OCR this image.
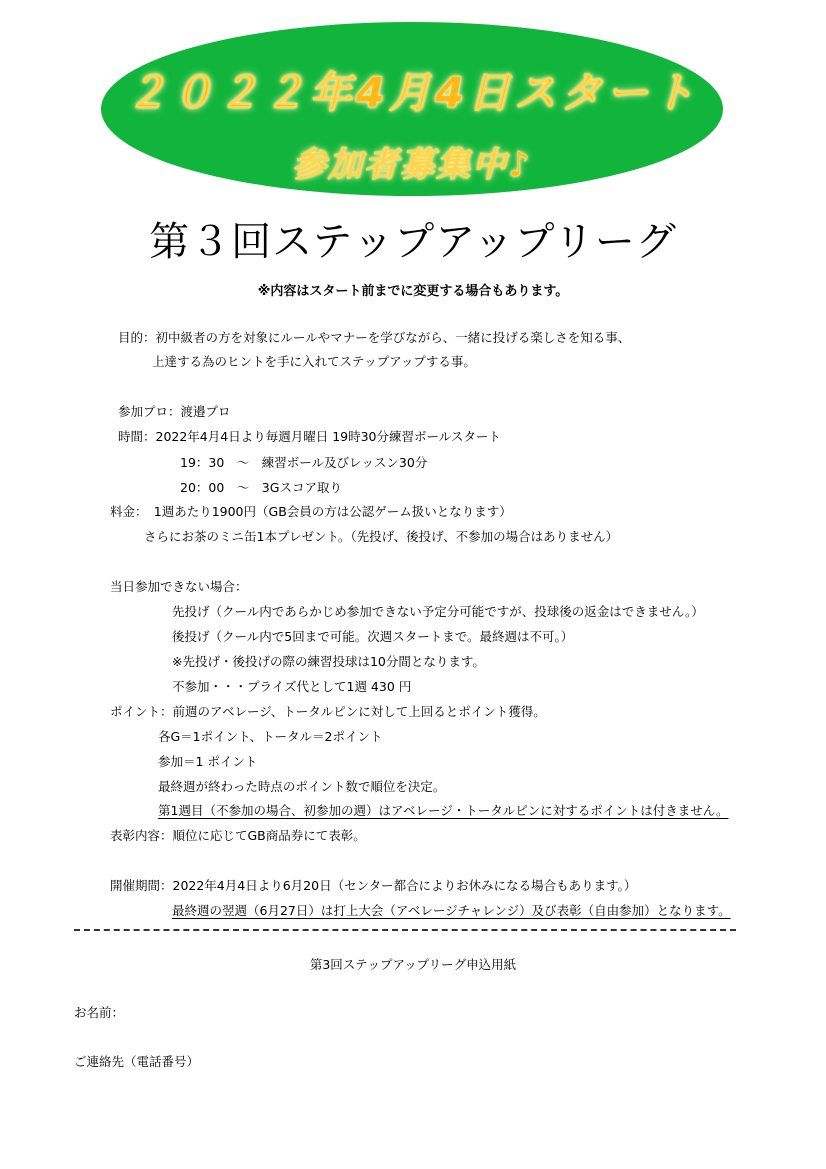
２０２２年4月4日スタート
参加者募集中♪
第３回ステップアップリーグ
※内容はスタート前までに変更する場合もあります。
目的：初中級者の方を対象にルールやマナーを学びながら、一緒に投げる楽しさを知る事、
上達する為のヒントを手に入れてステップアップする事。
参加プロ：渡邉プロ
時間：2022年4月4日より毎週月曜日 19時30分練習ボールスタート
19：30　～　練習ボール及びレッスン30分
20：00　～　3Gスコア取り
料金：　1週あたり1900円（GB会員の方は公認ゲーム扱いとなります）
さらにお茶のミニ缶1本プレゼント。（先投げ、後投げ、不参加の場合はありません）
当日参加できない場合：
先投げ（クール内であらかじめ参加できない予定分可能ですが、投球後の返金はできません。）
後投げ（クール内で5回まで可能。次週スタートまで。最終週は不可。）
※先投げ・後投げの際の練習投球は10分間となります。
不参加・・・プライズ代として1週 430 円
ポイント：前週のアベレージ、トータルピンに対して上回るとポイント獲得。
各G＝1ポイント、トータル＝2ポイント
参加＝1 ポイント
最終週が終わった時点のポイント数で順位を決定。
第1週目（不参加の場合、初参加の週）はアベレージ・トータルピンに対するポイントは付きません。
表彰内容：順位に応じてGB商品券にて表彰。
開催期間：2022年4月4日より6月20日（センター都合によりお休みになる場合もあります。）
最終週の翌週（6月27日）は打上大会（アベレージチャレンジ）及び表彰（自由参加）となります。
第3回ステップアップリーグ申込用紙
お名前：
ご連絡先（電話番号）
